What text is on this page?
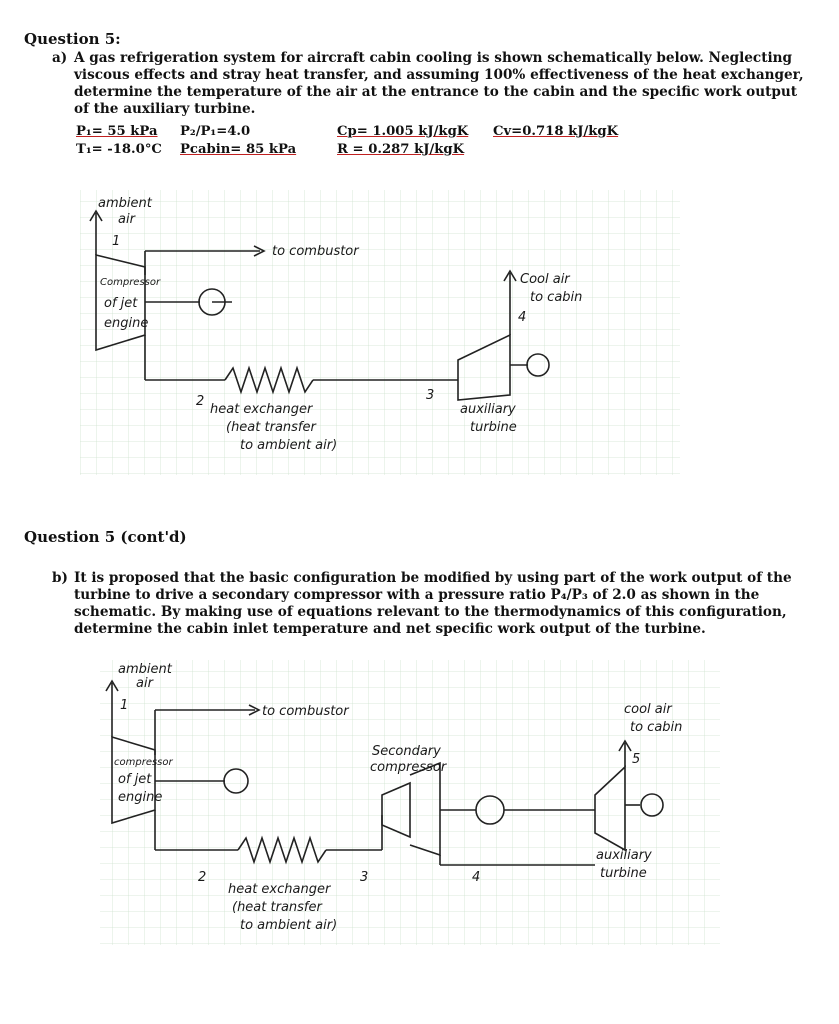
Question 5:
a) A gas refrigeration system for aircraft cabin cooling is shown schematically below. Neglecting
viscous effects and stray heat transfer, and assuming 100% effectiveness of the heat exchanger,
determine the temperature of the air at the entrance to the cabin and the specific work output
of the auxiliary turbine.
P₁= 55 kPa P₂/P₁=4.0	Cp= 1.005 kJ/kgK Cv=0.718 kJ/kgK
T₁= -18.0°C Pcabin= 85 kPa	R = 0.287 kJ/kgK
ambient
air
1
Compressor
of jet
engine
to combustor
Cool air
to cabin
4
2	3
heat exchanger
(heat transfer
to ambient air)
auxiliary
turbine
Question 5 (cont'd)
b) It is proposed that the basic configuration be modified by using part of the work output of the
turbine to drive a secondary compressor with a pressure ratio P₄/P₃ of 2.0 as shown in the
schematic. By making use of equations relevant to the thermodynamics of this configuration,
determine the cabin inlet temperature and net specific work output of the turbine.
ambient
air
1
compressor
of jet
engine
to combustor
Secondary
compressor
cool air
to cabin
5
2	3	4
heat exchanger
(heat transfer
to ambient air)
auxiliary
turbine
